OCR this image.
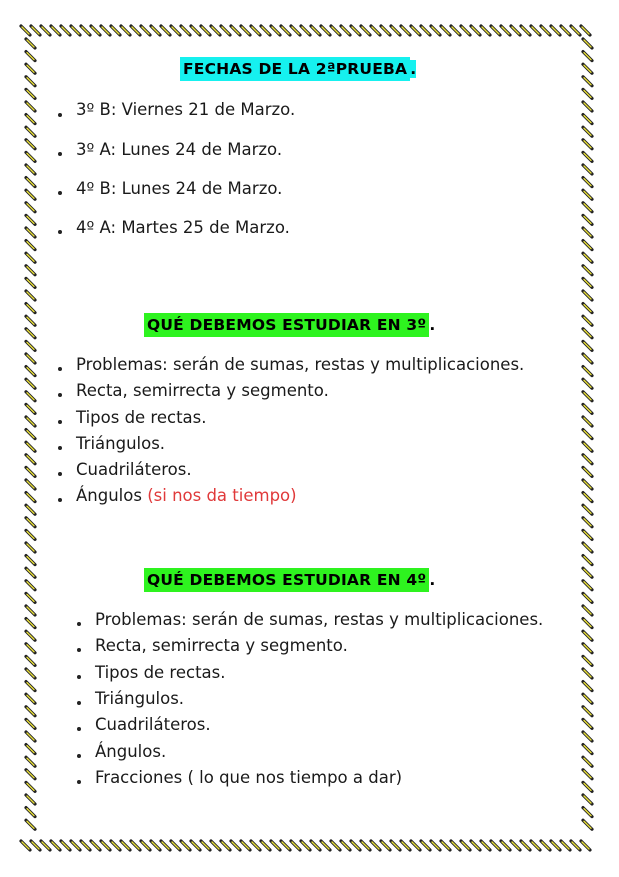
FECHAS DE LA 2ªPRUEBA .
3º B: Viernes 21 de Marzo.
3º A: Lunes 24 de Marzo.
4º B: Lunes 24 de Marzo.
4º A: Martes 25 de Marzo.
QUÉ DEBEMOS ESTUDIAR EN 3º .
Problemas: serán de sumas, restas y multiplicaciones.
Recta, semirrecta y segmento.
Tipos de rectas.
Triángulos.
Cuadriláteros.
Ángulos (si nos da tiempo)
QUÉ DEBEMOS ESTUDIAR EN 4º .
Problemas: serán de sumas, restas y multiplicaciones.
Recta, semirrecta y segmento.
Tipos de rectas.
Triángulos.
Cuadriláteros.
Ángulos.
Fracciones ( lo que nos tiempo a dar)
